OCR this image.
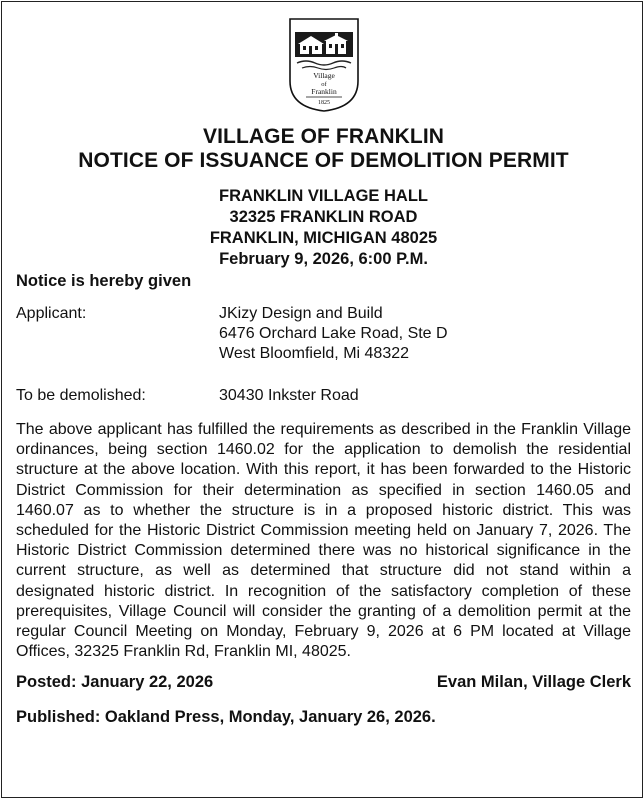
Village
of
Franklin
1825
VILLAGE OF FRANKLIN
NOTICE OF ISSUANCE OF DEMOLITION PERMIT
FRANKLIN VILLAGE HALL
32325 FRANKLIN ROAD
FRANKLIN, MICHIGAN 48025
February 9, 2026, 6:00 P.M.
Notice is hereby given
Applicant:	JKizy Design and Build
6476 Orchard Lake Road, Ste D
West Bloomfield, Mi 48322
To be demolished:	30430 Inkster Road
The above applicant has fulfilled the requirements as described in the Franklin Village ordinances, being section 1460.02 for the application to demolish the residential structure at the above location. With this report, it has been forwarded to the Historic District Commission for their determination as specified in section 1460.05 and 1460.07 as to whether the structure is in a proposed historic district. This was scheduled for the Historic District Commission meeting held on January 7, 2026. The Historic District Commission determined there was no historical significance in the current structure, as well as determined that structure did not stand within a designated historic district. In recognition of the satisfactory completion of these prerequisites, Village Council will consider the granting of a demolition permit at the regular Council Meeting on Monday, February 9, 2026 at 6 PM located at Village Offices, 32325 Franklin Rd, Franklin MI, 48025.
Posted: January 22, 2026	Evan Milan, Village Clerk
Published: Oakland Press, Monday, January 26, 2026.
